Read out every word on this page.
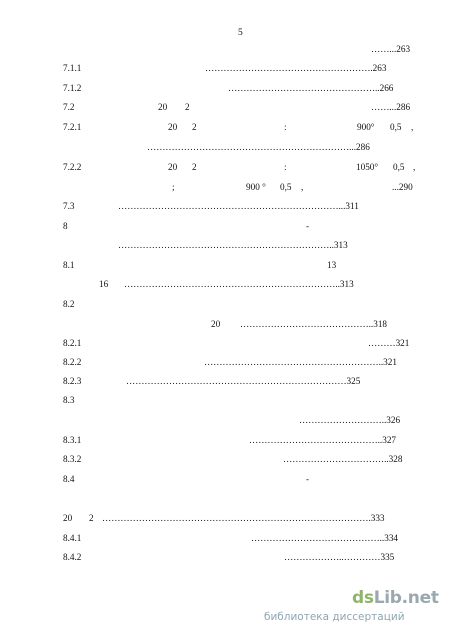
5
……...263
7.1.1	……………………………………………….263
7.1.2	…………………………………………..266
7.2	20 2	……...286
7.2.1	20 2	:	900° 0,5 ,
…………………………………………………………...286
7.2.2	20 2	:	1050° 0,5 ,
;	900 ° 0,5 ,	...290
7.3	………………………………………………………………...311
8	-
……………………………………………………………..313
8.1	13
16 ……………………………………………………………..313
8.2
20 ……………………………………..318
8.2.1	………321
8.2.2	…………………………………………………..321
8.2.3	………………………………………………………………325
8.3
………………………..326
8.3.1	……………………………………..327
8.3.2	……………………………..328
8.4	-
20 2 …………………………………………………………………………….333
8.4.1	……………………………………..334
8.4.2	………………..…………335
dsLib.net
библиотека диссертаций
